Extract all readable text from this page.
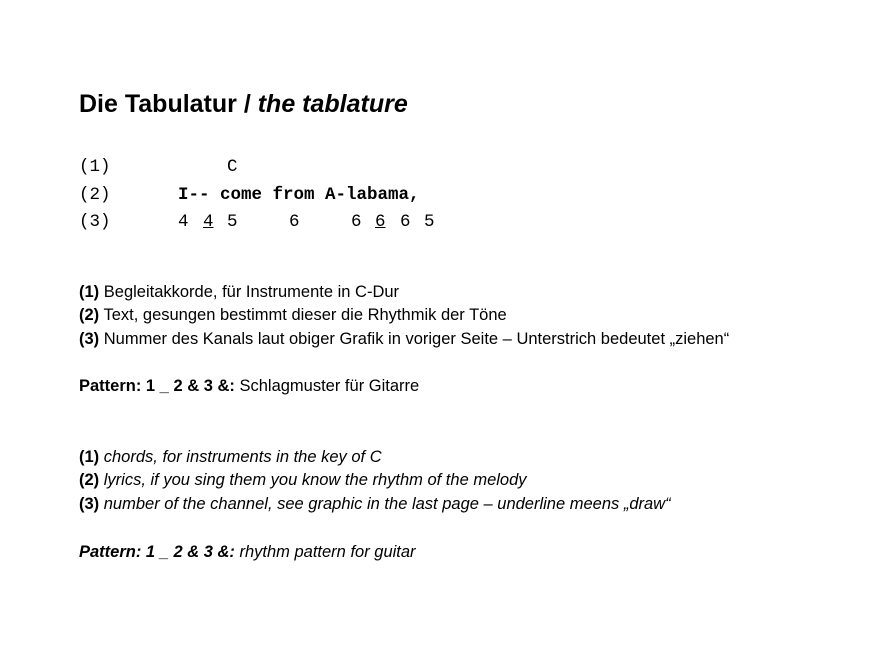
Die Tabulatur / the tablature
(1)	C
(2)	I-- come from A-labama,
(3)	4 4 5	6	6 6 6 5

(1) Begleitakkorde, für Instrumente in C-Dur

(2) Text, gesungen bestimmt dieser die Rhythmik der Töne

(3) Nummer des Kanals laut obiger Grafik in voriger Seite – Unterstrich bedeutet „ziehen“

Pattern: 1 _ 2 & 3 &: Schlagmuster für Gitarre

(1) chords, for instruments in the key of C

(2) lyrics, if you sing them you know the rhythm of the melody

(3) number of the channel, see graphic in the last page – underline meens „draw“

Pattern: 1 _ 2 & 3 &: rhythm pattern for guitar
